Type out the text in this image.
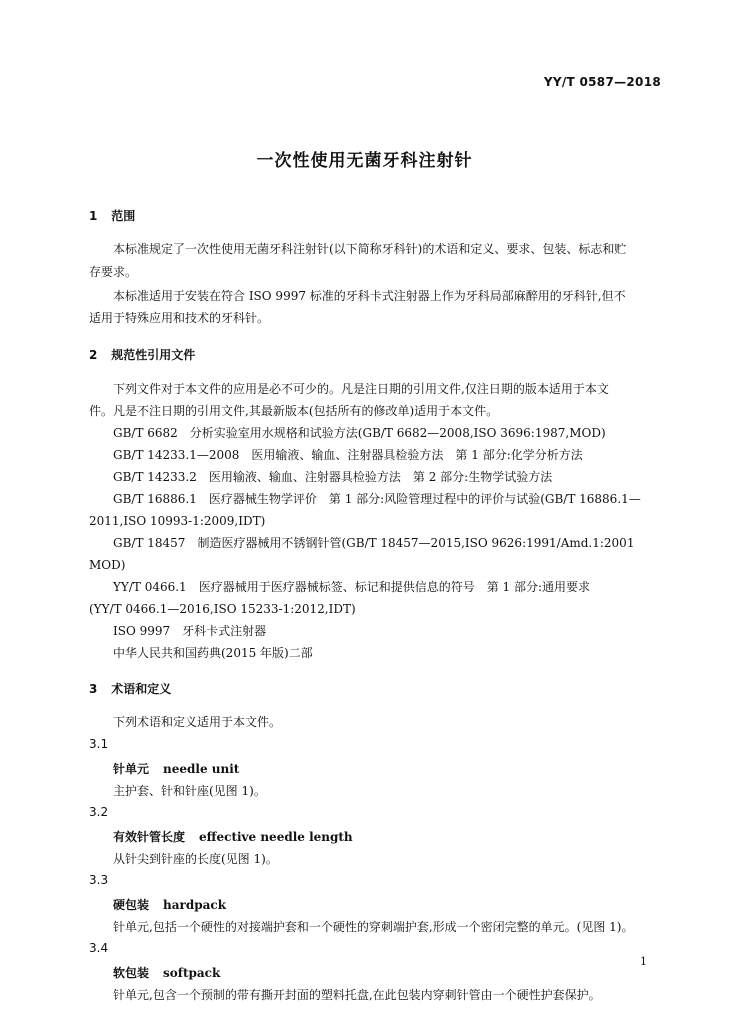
YY/T 0587—2018
一次性使用无菌牙科注射针
1 范围
本标准规定了一次性使用无菌牙科注射针(以下简称牙科针)的术语和定义、要求、包装、标志和贮
存要求。
本标准适用于安装在符合 ISO 9997 标准的牙科卡式注射器上作为牙科局部麻醉用的牙科针,但不
适用于特殊应用和技术的牙科针。
2 规范性引用文件
下列文件对于本文件的应用是必不可少的。凡是注日期的引用文件,仅注日期的版本适用于本文
件。凡是不注日期的引用文件,其最新版本(包括所有的修改单)适用于本文件。
GB/T 6682　分析实验室用水规格和试验方法(GB/T 6682—2008,ISO 3696:1987,MOD)
GB/T 14233.1—2008　医用输液、输血、注射器具检验方法　第 1 部分:化学分析方法
GB/T 14233.2　医用输液、输血、注射器具检验方法　第 2 部分:生物学试验方法
GB/T 16886.1　医疗器械生物学评价　第 1 部分:风险管理过程中的评价与试验(GB/T 16886.1—
2011,ISO 10993-1:2009,IDT)
GB/T 18457　制造医疗器械用不锈钢针管(GB/T 18457—2015,ISO 9626:1991/Amd.1:2001
MOD)
YY/T 0466.1　医疗器械用于医疗器械标签、标记和提供信息的符号　第 1 部分:通用要求
(YY/T 0466.1—2016,ISO 15233-1:2012,IDT)
ISO 9997　牙科卡式注射器
中华人民共和国药典(2015 年版)二部
3 术语和定义
下列术语和定义适用于本文件。
3.1
针单元 needle unit
主护套、针和针座(见图 1)。
3.2
有效针管长度 effective needle length
从针尖到针座的长度(见图 1)。
3.3
硬包装 hardpack
针单元,包括一个硬性的对接端护套和一个硬性的穿刺端护套,形成一个密闭完整的单元。(见图 1)。
3.4
软包装 softpack
针单元,包含一个预制的带有撕开封面的塑料托盘,在此包装内穿刺针管由一个硬性护套保护。
1
